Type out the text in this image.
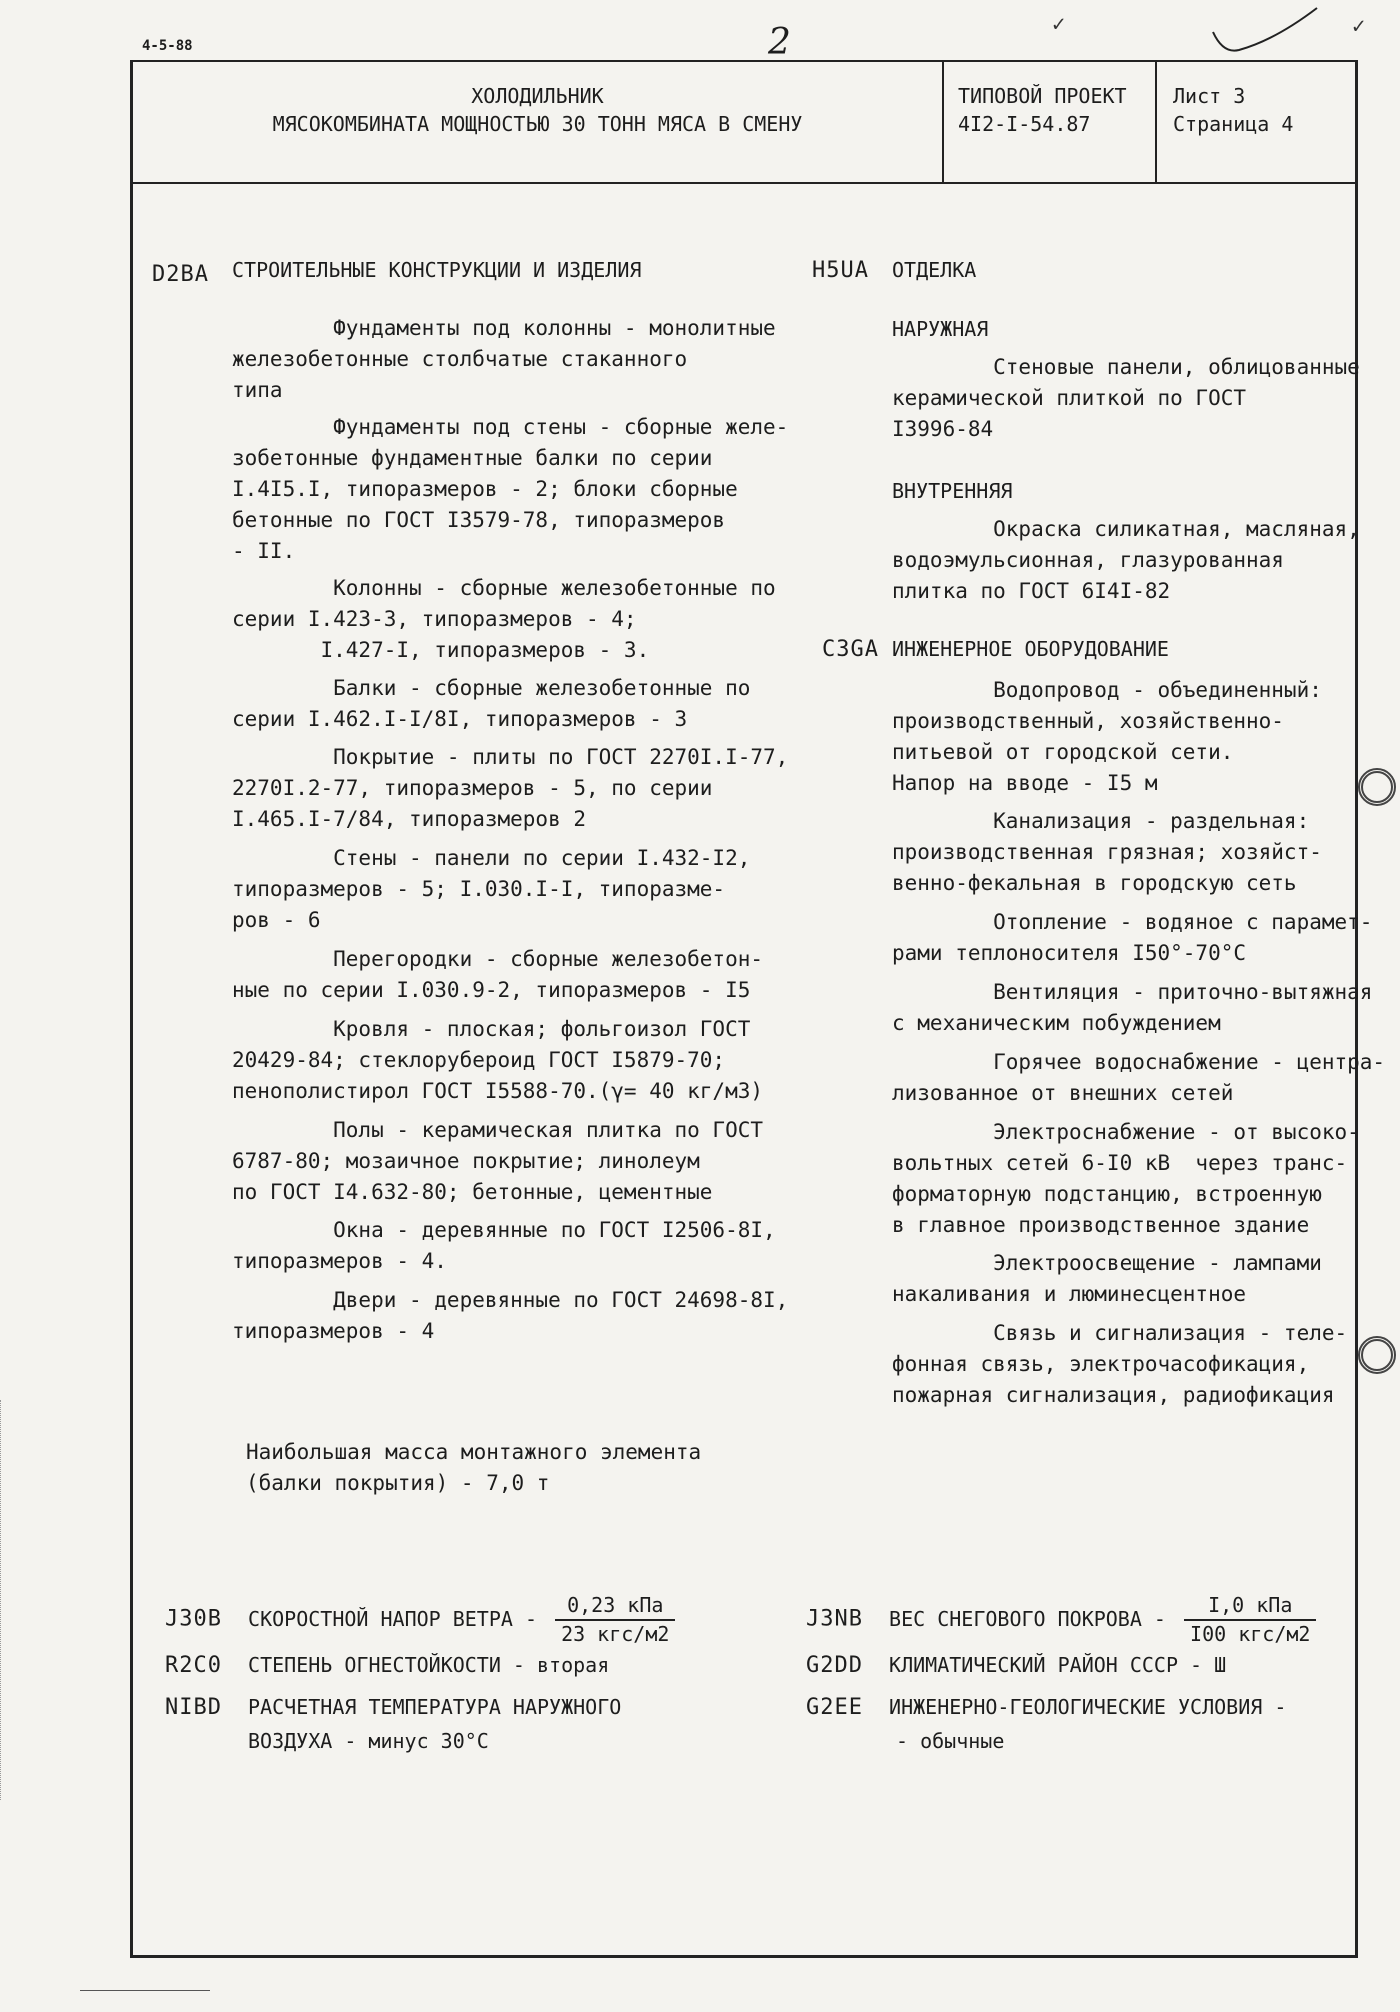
4-5-88	2	✓	✓
ХОЛОДИЛЬНИК
МЯСОКОМБИНАТА МОЩНОСТЬЮ 30 ТОНН МЯСА В СМЕНУ
ТИПОВОЙ ПРОЕКТ
4I2-I-54.87
Лист 3
Страница 4
D2BA СТРОИТЕЛЬНЫЕ КОНСТРУКЦИИ И ИЗДЕЛИЯ
Фундаменты под колонны - монолитные
железобетонные столбчатые стаканного
типа
Фундаменты под стены - сборные желе-
зобетонные фундаментные балки по серии
I.4I5.I, типоразмеров - 2; блоки сборные
бетонные по ГОСТ I3579-78, типоразмеров
- II.
Колонны - сборные железобетонные по
серии I.423-3, типоразмеров - 4;
I.427-I, типоразмеров - 3.
Балки - сборные железобетонные по
серии I.462.I-I/8I, типоразмеров - 3
Покрытие - плиты по ГОСТ 2270I.I-77,
2270I.2-77, типоразмеров - 5, по серии
I.465.I-7/84, типоразмеров 2
Стены - панели по серии I.432-I2,
типоразмеров - 5; I.030.I-I, типоразме-
ров - 6
Перегородки - сборные железобетон-
ные по серии I.030.9-2, типоразмеров - I5
Кровля - плоская; фольгоизол ГОСТ
20429-84; стеклорубероид ГОСТ I5879-70;
пенополистирол ГОСТ I5588-70.(γ= 40 кг/м3)
Полы - керамическая плитка по ГОСТ
6787-80; мозаичное покрытие; линолеум
по ГОСТ I4.632-80; бетонные, цементные
Окна - деревянные по ГОСТ I2506-8I,
типоразмеров - 4.
Двери - деревянные по ГОСТ 24698-8I,
типоразмеров - 4
Наибольшая масса монтажного элемента
(балки покрытия) - 7,0 т
H5UA ОТДЕЛКА
НАРУЖНАЯ
Стеновые панели, облицованные
керамической плиткой по ГОСТ
I3996-84
ВНУТРЕННЯЯ
Окраска силикатная, масляная,
водоэмульсионная, глазурованная
плитка по ГОСТ 6I4I-82
C3GA ИНЖЕНЕРНОЕ ОБОРУДОВАНИЕ
Водопровод - объединенный:
производственный, хозяйственно-
питьевой от городской сети.
Напор на вводе - I5 м
Канализация - раздельная:
производственная грязная; хозяйст-
венно-фекальная в городскую сеть
Отопление - водяное с парамет-
рами теплоносителя I50°-70°С
Вентиляция - приточно-вытяжная
с механическим побуждением
Горячее водоснабжение - центра-
лизованное от внешних сетей
Электроснабжение - от высоко-
вольтных сетей 6-I0 кВ  через транс-
форматорную подстанцию, встроенную
в главное производственное здание
Электроосвещение - лампами
накаливания и люминесцентное
Связь и сигнализация - теле-
фонная связь, электрочасофикация,
пожарная сигнализация, радиофикация
J30B СКОРОСТНОЙ НАПОР ВЕТРА - $\frac{\text{0,23 кПа}}{\text{23 кгс/м2}}$
R2C0 СТЕПЕНЬ ОГНЕСТОЙКОСТИ - вторая
NIBD РАСЧЕТНАЯ ТЕМПЕРАТУРА НАРУЖНОГО
ВОЗДУХА - минус 30°С
J3NB ВЕС СНЕГОВОГО ПОКРОВА - $\frac{\text{I,0 кПа}}{\text{I00 кгс/м2}}$
G2DD КЛИМАТИЧЕСКИЙ РАЙОН СССР - Ш
G2EE ИНЖЕНЕРНО-ГЕОЛОГИЧЕСКИЕ УСЛОВИЯ -
- обычные
